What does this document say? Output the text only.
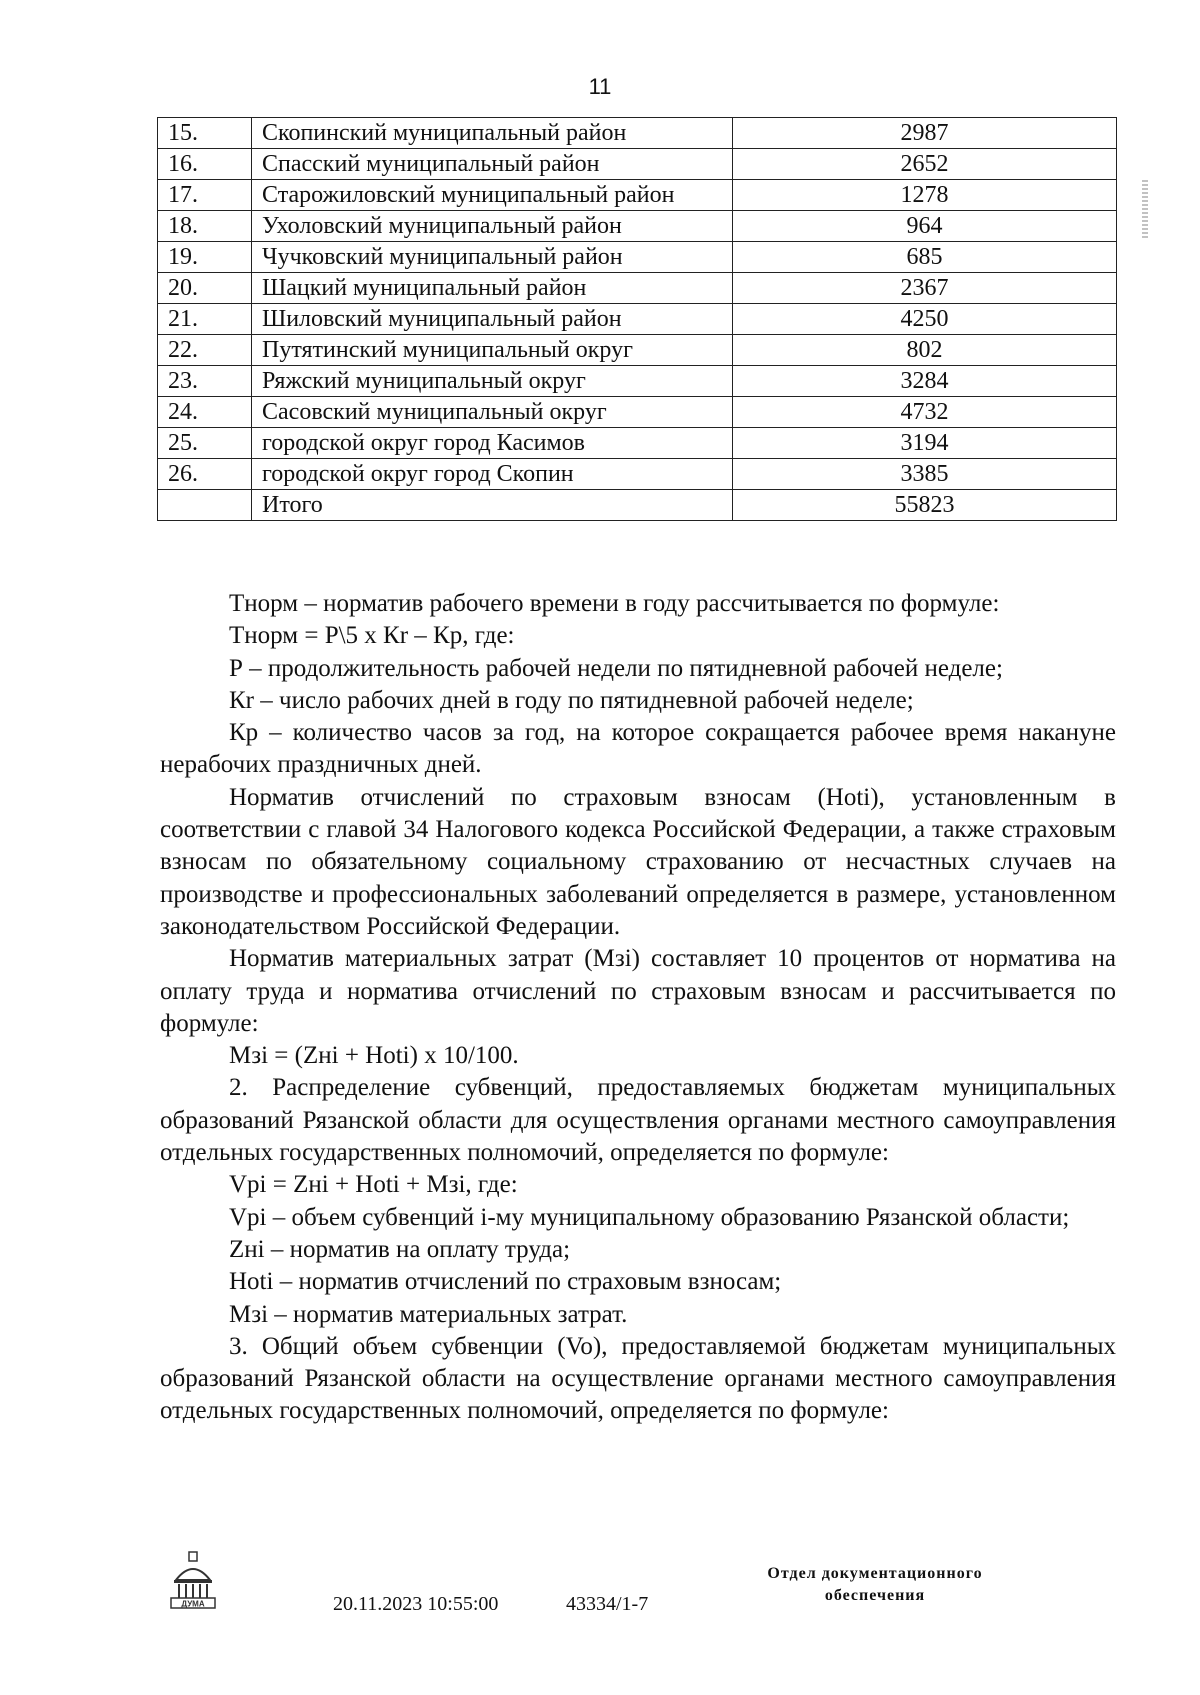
11
15.	Скопинский муниципальный район	2987
16.	Спасский муниципальный район	2652
17.	Старожиловский муниципальный район	1278
18.	Ухоловский муниципальный район	964
19.	Чучковский муниципальный район	685
20.	Шацкий муниципальный район	2367
21.	Шиловский муниципальный район	4250
22.	Путятинский муниципальный округ	802
23.	Ряжский муниципальный округ	3284
24.	Сасовский муниципальный округ	4732
25.	городской округ город Касимов	3194
26.	городской округ город Скопин	3385
	Итого	55823

Тнорм – норматив рабочего времени в году рассчитывается по формуле:

Тнорм = Р\5 х Кr – Кр, где:

Р – продолжительность рабочей недели по пятидневной рабочей неделе;

Кr – число рабочих дней в году по пятидневной рабочей неделе;

Кр – количество часов за год, на которое сокращается рабочее время накануне нерабочих праздничных дней.

Норматив отчислений по страховым взносам (Hoti), установленным в соответствии с главой 34 Налогового кодекса Российской Федерации, а также страховым взносам по обязательному социальному страхованию от несчастных случаев на производстве и профессиональных заболеваний определяется в размере, установленном законодательством Российской Федерации.

Норматив материальных затрат (Мзi) составляет 10 процентов от норматива на оплату труда и норматива отчислений по страховым взносам и рассчитывается по формуле:

Мзi = (Zнi + Hoti) х 10/100.

2. Распределение субвенций, предоставляемых бюджетам муниципальных образований Рязанской области для осуществления органами местного самоуправления отдельных государственных полномочий, определяется по формуле:

Vpi = Zнi + Hoti + Мзi, где:

Vpi – объем субвенций i-му муниципальному образованию Рязанской области;

Zнi – норматив на оплату труда;

Hoti – норматив отчислений по страховым взносам;

Мзi – норматив материальных затрат.

3. Общий объем субвенции (Vo), предоставляемой бюджетам муниципальных образований Рязанской области на осуществление органами местного самоуправления отдельных государственных полномочий, определяется по формуле:

ДУМА	20.11.2023 10:55:00	43334/1-7
Отдел документационного
обеспечения
